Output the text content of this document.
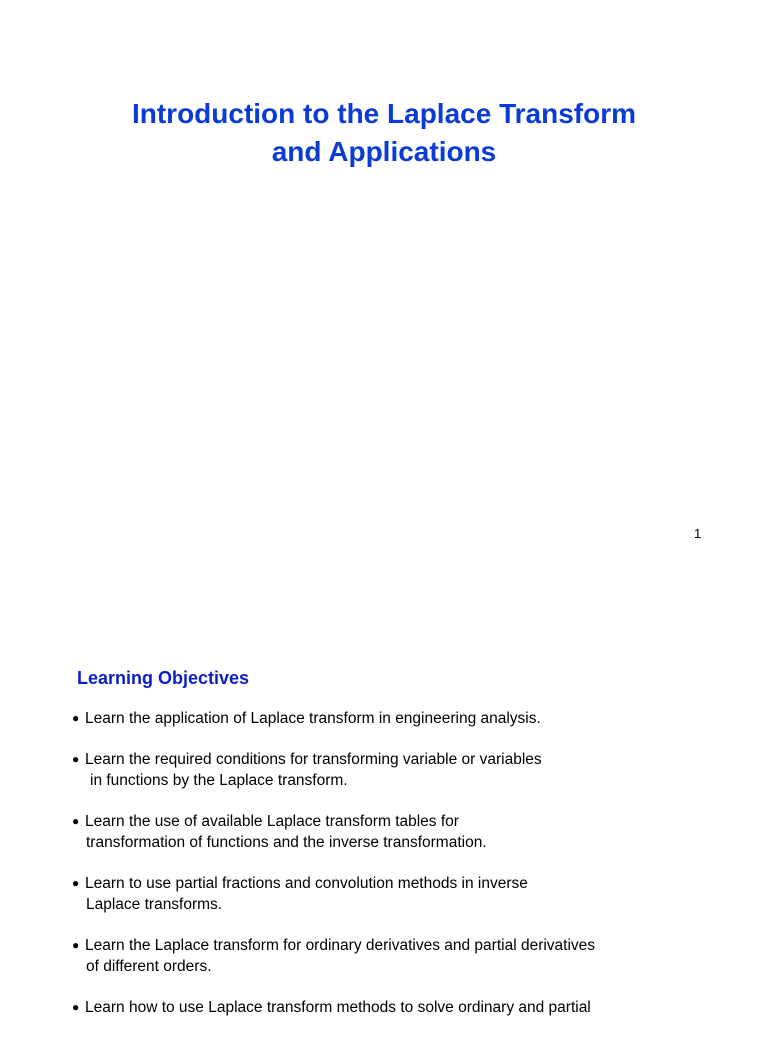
Introduction to the Laplace Transform
and Applications
1
Learning Objectives
● Learn the application of Laplace transform in engineering analysis.
● Learn the required conditions for transforming variable or variables
in functions by the Laplace transform.
● Learn the use of available Laplace transform tables for
transformation of functions and the inverse transformation.
● Learn to use partial fractions and convolution methods in inverse
Laplace transforms.
● Learn the Laplace transform for ordinary derivatives and partial derivatives
of different orders.
● Learn how to use Laplace transform methods to solve ordinary and partial
